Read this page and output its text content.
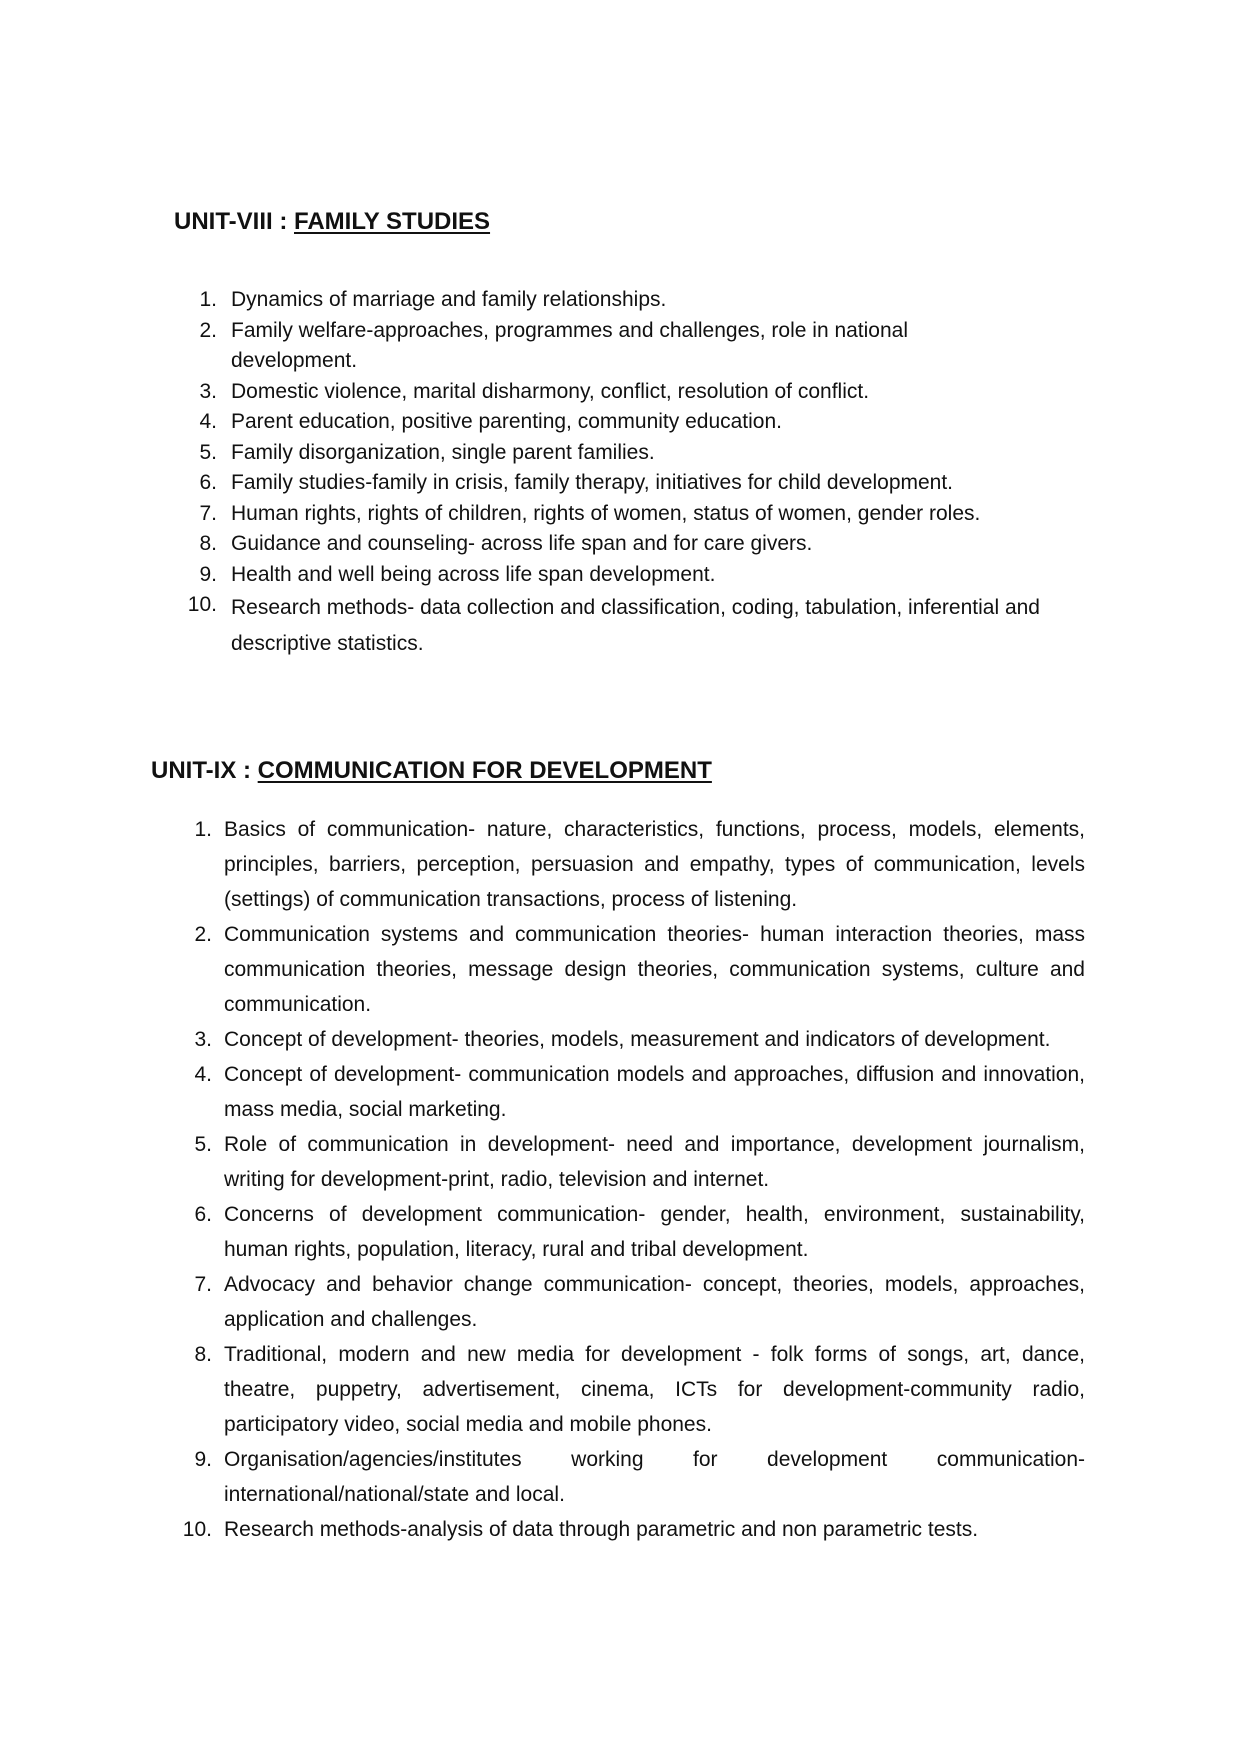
UNIT-VIII : FAMILY STUDIES
1. Dynamics of marriage and family relationships.
2. Family welfare-approaches, programmes and challenges, role in national development.
3. Domestic violence, marital disharmony, conflict, resolution of conflict.
4. Parent education, positive parenting, community education.
5. Family disorganization, single parent families.
6. Family studies-family in crisis, family therapy, initiatives for child development.
7. Human rights, rights of children, rights of women, status of women, gender roles.
8. Guidance and counseling- across life span and for care givers.
9. Health and well being across life span development.
10. Research methods- data collection and classification, coding, tabulation, inferential and descriptive statistics.
UNIT-IX : COMMUNICATION FOR DEVELOPMENT
1. Basics of communication- nature, characteristics, functions, process, models, elements, principles, barriers, perception, persuasion and empathy, types of communication, levels (settings) of communication transactions, process of listening.
2. Communication systems and communication theories- human interaction theories, mass communication theories, message design theories, communication systems, culture and communication.
3. Concept of development- theories, models, measurement and indicators of development.
4. Concept of development- communication models and approaches, diffusion and innovation, mass media, social marketing.
5. Role of communication in development- need and importance, development journalism, writing for development-print, radio, television and internet.
6. Concerns of development communication- gender, health, environment, sustainability, human rights, population, literacy, rural and tribal development.
7. Advocacy and behavior change communication- concept, theories, models, approaches, application and challenges.
8. Traditional, modern and new media for development - folk forms of songs, art, dance, theatre, puppetry, advertisement, cinema, ICTs for development-community radio, participatory video, social media and mobile phones.
9. Organisation/agencies/institutes working for development communication- international/national/state and local.
10. Research methods-analysis of data through parametric and non parametric tests.
